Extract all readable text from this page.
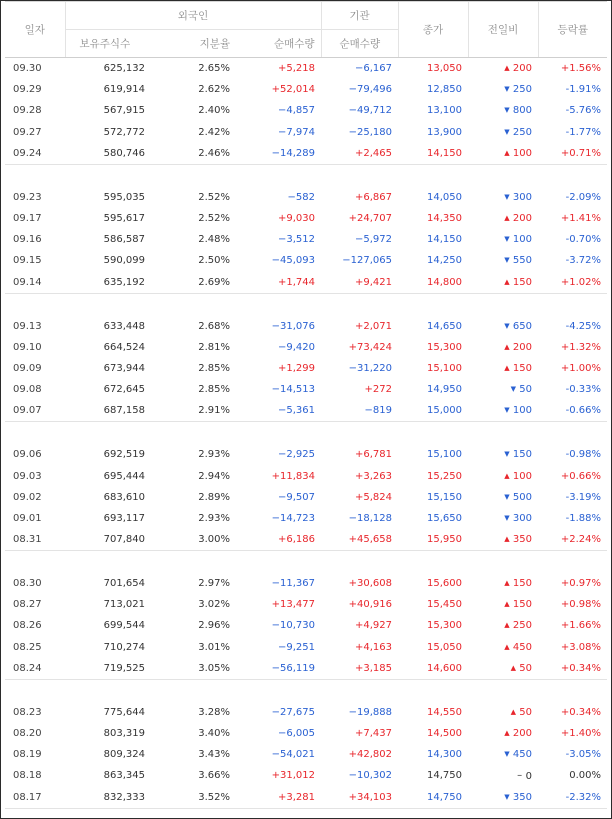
일자	외국인			기관	종가	전일비	등락률
	보유주식수	지분율	순매수량	순매수량			
09.30	625,132	2.65%	+5,218	−6,167	13,050	▲ 200	+1.56%
09.29	619,914	2.62%	+52,014	−79,496	12,850	▼ 250	-1.91%
09.28	567,915	2.40%	−4,857	−49,712	13,100	▼ 800	-5.76%
09.27	572,772	2.42%	−7,974	−25,180	13,900	▼ 250	-1.77%
09.24	580,746	2.46%	−14,289	+2,465	14,150	▲ 100	+0.71%

09.23	595,035	2.52%	−582	+6,867	14,050	▼ 300	-2.09%
09.17	595,617	2.52%	+9,030	+24,707	14,350	▲ 200	+1.41%
09.16	586,587	2.48%	−3,512	−5,972	14,150	▼ 100	-0.70%
09.15	590,099	2.50%	−45,093	−127,065	14,250	▼ 550	-3.72%
09.14	635,192	2.69%	+1,744	+9,421	14,800	▲ 150	+1.02%

09.13	633,448	2.68%	−31,076	+2,071	14,650	▼ 650	-4.25%
09.10	664,524	2.81%	−9,420	+73,424	15,300	▲ 200	+1.32%
09.09	673,944	2.85%	+1,299	−31,220	15,100	▲ 150	+1.00%
09.08	672,645	2.85%	−14,513	+272	14,950	▼ 50	-0.33%
09.07	687,158	2.91%	−5,361	−819	15,000	▼ 100	-0.66%

09.06	692,519	2.93%	−2,925	+6,781	15,100	▼ 150	-0.98%
09.03	695,444	2.94%	+11,834	+3,263	15,250	▲ 100	+0.66%
09.02	683,610	2.89%	−9,507	+5,824	15,150	▼ 500	-3.19%
09.01	693,117	2.93%	−14,723	−18,128	15,650	▼ 300	-1.88%
08.31	707,840	3.00%	+6,186	+45,658	15,950	▲ 350	+2.24%

08.30	701,654	2.97%	−11,367	+30,608	15,600	▲ 150	+0.97%
08.27	713,021	3.02%	+13,477	+40,916	15,450	▲ 150	+0.98%
08.26	699,544	2.96%	−10,730	+4,927	15,300	▲ 250	+1.66%
08.25	710,274	3.01%	−9,251	+4,163	15,050	▲ 450	+3.08%
08.24	719,525	3.05%	−56,119	+3,185	14,600	▲ 50	+0.34%

08.23	775,644	3.28%	−27,675	−19,888	14,550	▲ 50	+0.34%
08.20	803,319	3.40%	−6,005	+7,437	14,500	▲ 200	+1.40%
08.19	809,324	3.43%	−54,021	+42,802	14,300	▼ 450	-3.05%
08.18	863,345	3.66%	+31,012	−10,302	14,750	– 0	0.00%
08.17	832,333	3.52%	+3,281	+34,103	14,750	▼ 350	-2.32%
